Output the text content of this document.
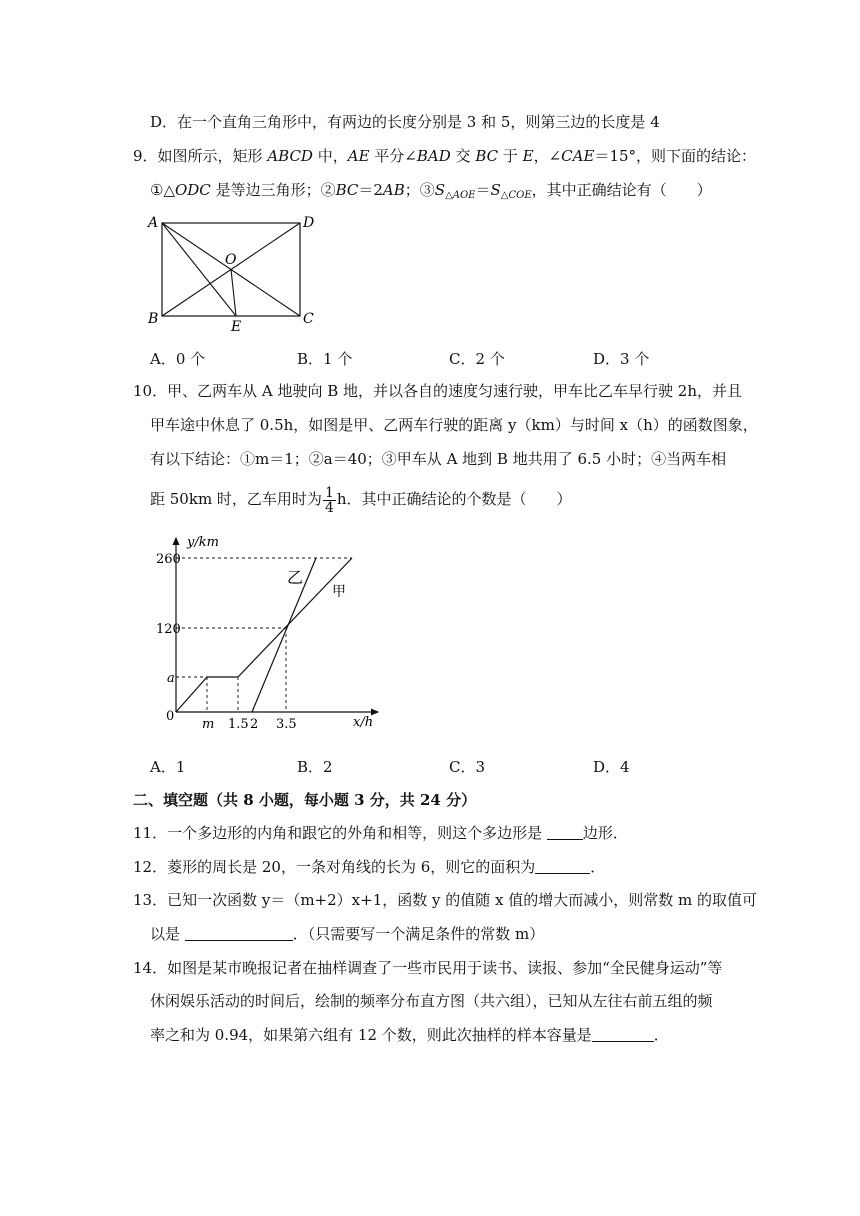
D．在一个直角三角形中，有两边的长度分别是 3 和 5，则第三边的长度是 4
9．如图所示，矩形 ABCD 中，AE 平分∠BAD 交 BC 于 E，∠CAE＝15°，则下面的结论：
①△ODC 是等边三角形；②BC＝2AB；$③S_{\triangle AOE}=S_{\triangle COE}$，其中正确结论有（　　）
A	D
O
B	E	C
A．0 个	B．1 个	C．2 个	D．3 个
10．甲、乙两车从 A 地驶向 B 地，并以各自的速度匀速行驶，甲车比乙车早行驶 2h，并且
甲车途中休息了 0.5h，如图是甲、乙两车行驶的距离 y（km）与时间 x（h）的函数图象，
有以下结论：①m＝1；②a＝40；③甲车从 A 地到 B 地共用了 6.5 小时；④当两车相
距 50km 时，乙车用时为 $\frac{1}{4}$ h．其中正确结论的个数是（　　）
y/km
x/h
0
a
120
260
m 1.5 2 3.5
甲
乙
A．1	B．2	C．3	D．4
二、填空题（共 8 小题，每小题 3 分，共 24 分）
11．一个多边形的内角和跟它的外角和相等，则这个多边形是 边形．
12．菱形的周长是 20，一条对角线的长为 6，则它的面积为	．
13．已知一次函数 y＝（m+2）x+1，函数 y 的值随 x 值的增大而减小，则常数 m 的取值可
以是	．（只需要写一个满足条件的常数 m）
14．如图是某市晚报记者在抽样调查了一些市民用于读书、读报、参加“全民健身运动”等
休闲娱乐活动的时间后，绘制的频率分布直方图（共六组），已知从左往右前五组的频
率之和为 0.94，如果第六组有 12 个数，则此次抽样的样本容量是	．
